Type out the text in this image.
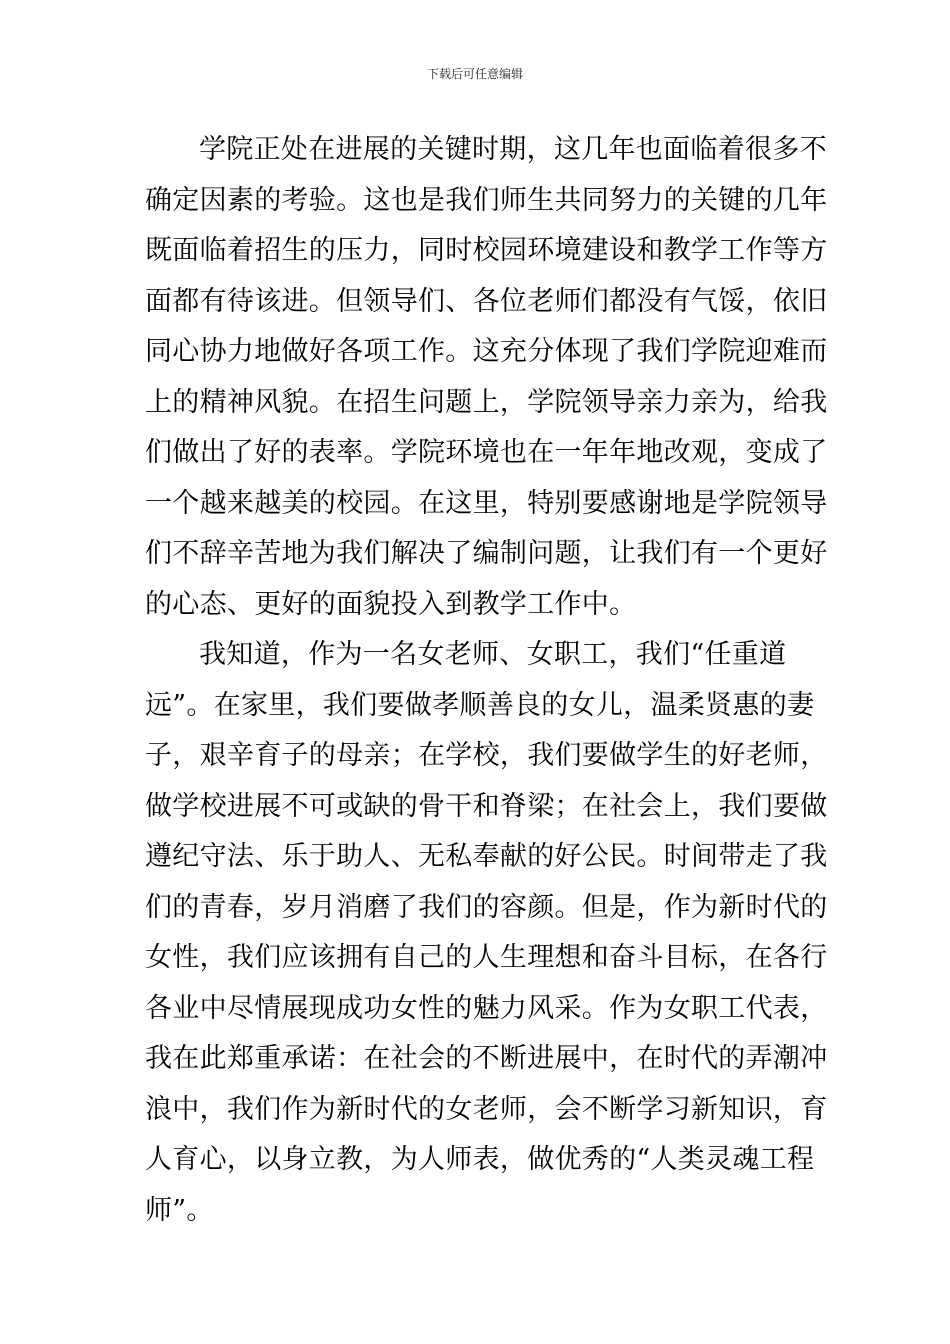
下载后可任意编辑
学院正处在进展的关键时期，这几年也面临着很多不
确定因素的考验。这也是我们师生共同努力的关键的几年
既面临着招生的压力，同时校园环境建设和教学工作等方
面都有待该进。但领导们、各位老师们都没有气馁，依旧
同心协力地做好各项工作。这充分体现了我们学院迎难而
上的精神风貌。在招生问题上，学院领导亲力亲为，给我
们做出了好的表率。学院环境也在一年年地改观，变成了
一个越来越美的校园。在这里，特别要感谢地是学院领导
们不辞辛苦地为我们解决了编制问题，让我们有一个更好
的心态、更好的面貌投入到教学工作中。
我知道，作为一名女老师、女职工，我们“任重道
远”。在家里，我们要做孝顺善良的女儿，温柔贤惠的妻
子，艰辛育子的母亲；在学校，我们要做学生的好老师，
做学校进展不可或缺的骨干和脊梁；在社会上，我们要做
遵纪守法、乐于助人、无私奉献的好公民。时间带走了我
们的青春，岁月消磨了我们的容颜。但是，作为新时代的
女性，我们应该拥有自己的人生理想和奋斗目标，在各行
各业中尽情展现成功女性的魅力风采。作为女职工代表，
我在此郑重承诺：在社会的不断进展中，在时代的弄潮冲
浪中，我们作为新时代的女老师，会不断学习新知识，育
人育心，以身立教，为人师表，做优秀的“人类灵魂工程
师”。
